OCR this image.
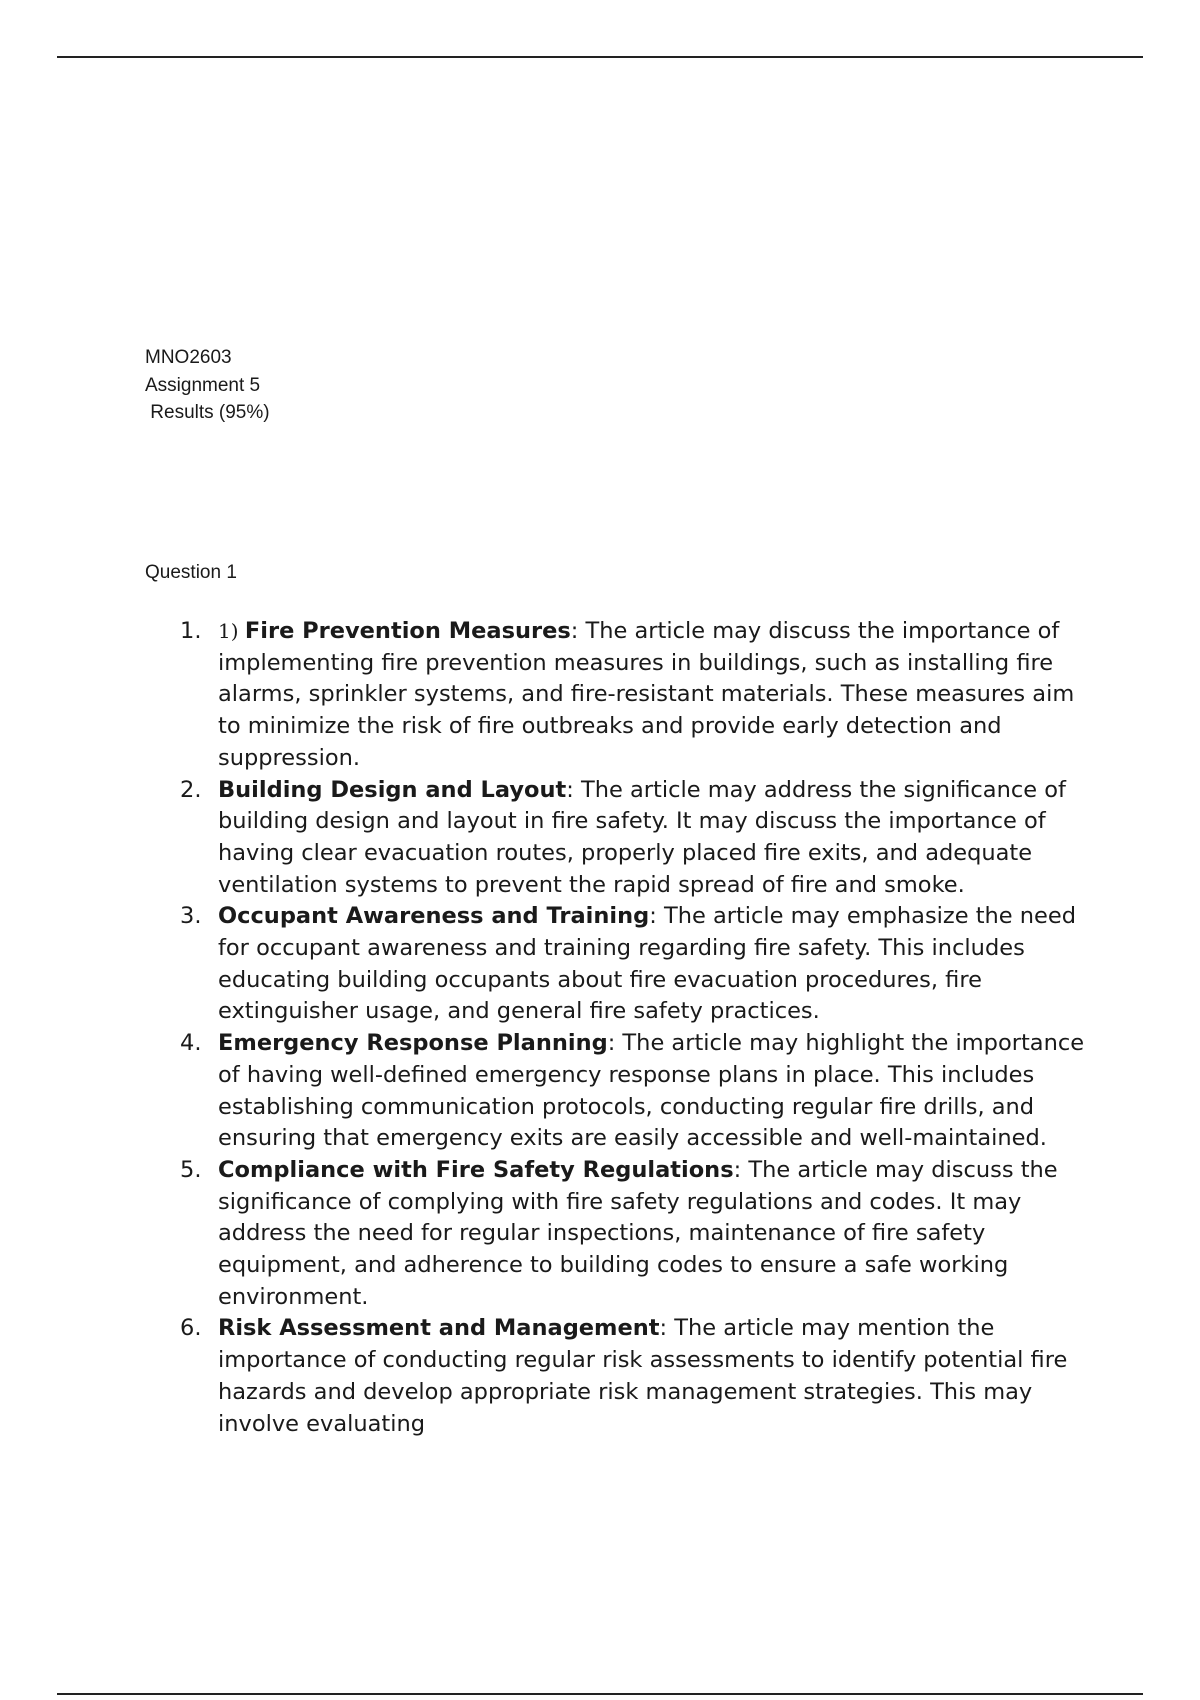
MNO2603
Assignment 5
Results (95%)
Question 1
1. 1) Fire Prevention Measures: The article may discuss the importance of implementing fire prevention measures in buildings, such as installing fire alarms, sprinkler systems, and fire-resistant materials. These measures aim to minimize the risk of fire outbreaks and provide early detection and suppression.
2. Building Design and Layout: The article may address the significance of building design and layout in fire safety. It may discuss the importance of having clear evacuation routes, properly placed fire exits, and adequate ventilation systems to prevent the rapid spread of fire and smoke.
3. Occupant Awareness and Training: The article may emphasize the need for occupant awareness and training regarding fire safety. This includes educating building occupants about fire evacuation procedures, fire extinguisher usage, and general fire safety practices.
4. Emergency Response Planning: The article may highlight the importance of having well-defined emergency response plans in place. This includes establishing communication protocols, conducting regular fire drills, and ensuring that emergency exits are easily accessible and well-maintained.
5. Compliance with Fire Safety Regulations: The article may discuss the significance of complying with fire safety regulations and codes. It may address the need for regular inspections, maintenance of fire safety equipment, and adherence to building codes to ensure a safe working environment.
6. Risk Assessment and Management: The article may mention the importance of conducting regular risk assessments to identify potential fire hazards and develop appropriate risk management strategies. This may involve evaluating
